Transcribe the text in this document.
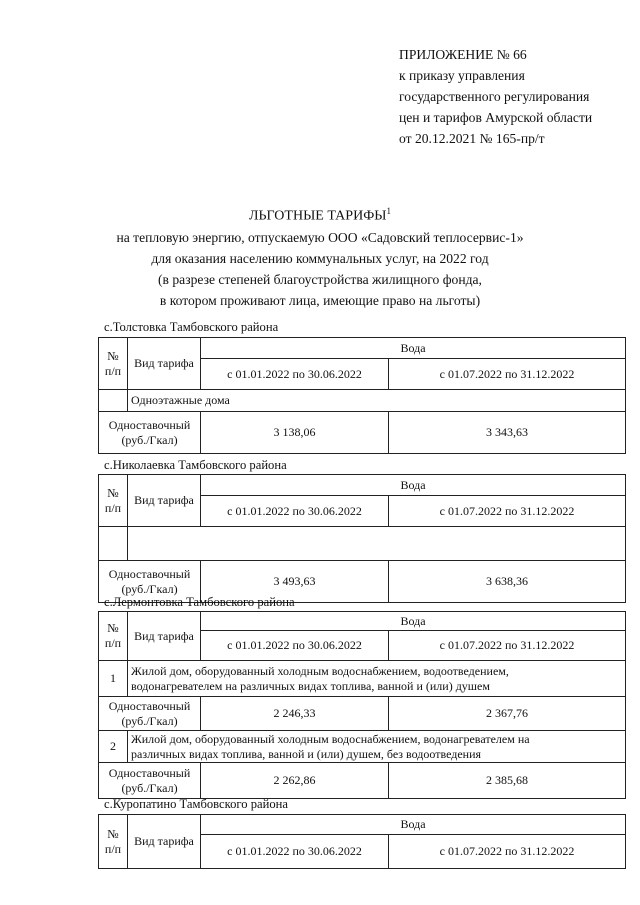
ПРИЛОЖЕНИЕ № 66
к приказу управления
государственного регулирования
цен и тарифов Амурской области
от 20.12.2021 № 165-пр/т
ЛЬГОТНЫЕ ТАРИФЫ$^1$
на тепловую энергию, отпускаемую ООО «Садовский теплосервис-1»
для оказания населению коммунальных услуг, на 2022 год
(в разрезе степеней благоустройства жилищного фонда,
в котором проживают лица, имеющие право на льготы)
с.Толстовка Тамбовского района
№
п/п	Вид тарифа	Вода	
		с 01.01.2022 по 30.06.2022	с 01.07.2022 по 31.12.2022
	Одноэтажные дома		

Одноставочный
(руб./Гкал)		3 138,06	3 343,63
с.Николаевка Тамбовского района
№
п/п	Вид тарифа	Вода	
		с 01.01.2022 по 30.06.2022	с 01.07.2022 по 31.12.2022

Одноставочный
(руб./Гкал)		3 493,63	3 638,36
с.Лермонтовка Тамбовского района
№
п/п	Вид тарифа	Вода	
		с 01.01.2022 по 30.06.2022	с 01.07.2022 по 31.12.2022
1	Жилой дом, оборудованный холодным водоснабжением, водоотведением,
водонагревателем на различных видах топлива, ванной и (или) душем		

Одноставочный
(руб./Гкал)		2 246,33	2 367,76
2	Жилой дом, оборудованный холодным водоснабжением, водонагревателем на
различных видах топлива, ванной и (или) душем, без водоотведения		

Одноставочный
(руб./Гкал)		2 262,86	2 385,68
с.Куропатино Тамбовского района
№
п/п	Вид тарифа	Вода	
		с 01.01.2022 по 30.06.2022	с 01.07.2022 по 31.12.2022
